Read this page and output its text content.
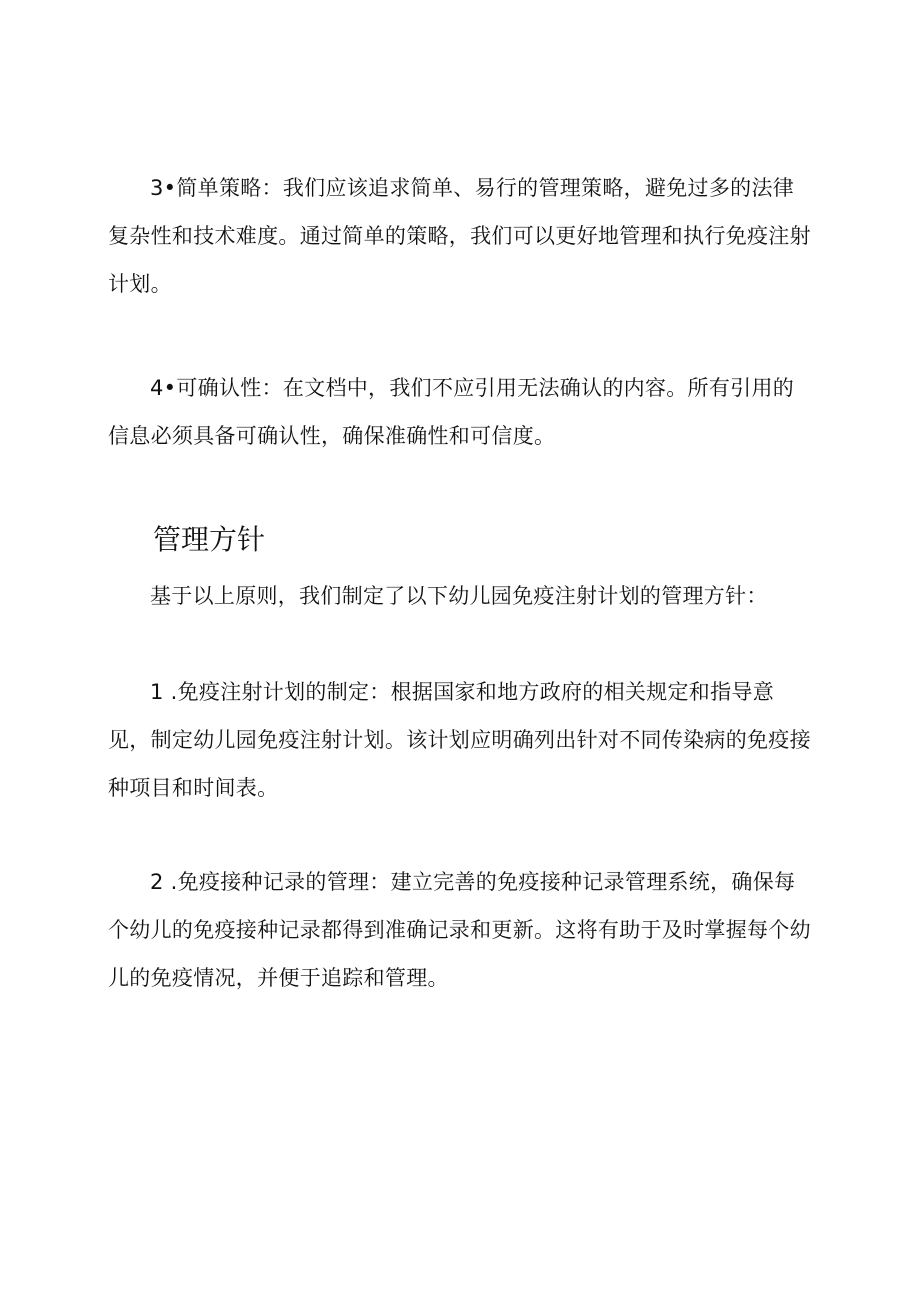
3•简单策略：我们应该追求简单、易行的管理策略，避免过多的法律复杂性和技术难度。通过简单的策略，我们可以更好地管理和执行免疫注射计划。

4•可确认性：在文档中，我们不应引用无法确认的内容。所有引用的信息必须具备可确认性，确保准确性和可信度。

管理方针

基于以上原则，我们制定了以下幼儿园免疫注射计划的管理方针：

1 .免疫注射计划的制定：根据国家和地方政府的相关规定和指导意见，制定幼儿园免疫注射计划。该计划应明确列出针对不同传染病的免疫接种项目和时间表。

2 .免疫接种记录的管理：建立完善的免疫接种记录管理系统，确保每个幼儿的免疫接种记录都得到准确记录和更新。这将有助于及时掌握每个幼儿的免疫情况，并便于追踪和管理。
